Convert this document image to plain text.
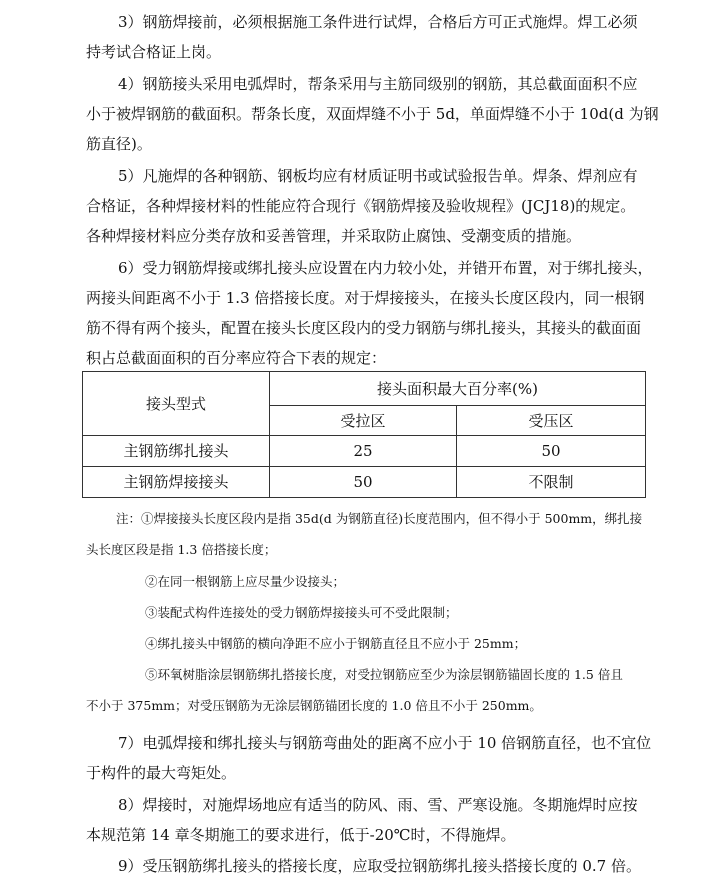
3）钢筋焊接前，必须根据施工条件进行试焊，合格后方可正式施焊。焊工必须
持考试合格证上岗。
4）钢筋接头采用电弧焊时，帮条采用与主筋同级别的钢筋，其总截面面积不应
小于被焊钢筋的截面积。帮条长度，双面焊缝不小于 5d，单面焊缝不小于 10d(d 为钢
筋直径)。
5）凡施焊的各种钢筋、钢板均应有材质证明书或试验报告单。焊条、焊剂应有
合格证，各种焊接材料的性能应符合现行《钢筋焊接及验收规程》(JCJ18)的规定。
各种焊接材料应分类存放和妥善管理，并采取防止腐蚀、受潮变质的措施。
6）受力钢筋焊接或绑扎接头应设置在内力较小处，并错开布置，对于绑扎接头，
两接头间距离不小于 1.3 倍搭接长度。对于焊接接头，在接头长度区段内，同一根钢
筋不得有两个接头，配置在接头长度区段内的受力钢筋与绑扎接头，其接头的截面面
积占总截面面积的百分率应符合下表的规定：
接头型式	接头面积最大百分率(%)	
	受拉区	受压区
主钢筋绑扎接头	25	50
主钢筋焊接接头	50	不限制
注：①焊接接头长度区段内是指 35d(d 为钢筋直径)长度范围内，但不得小于 500mm，绑扎接
头长度区段是指 1.3 倍搭接长度；
②在同一根钢筋上应尽量少设接头；
③装配式构件连接处的受力钢筋焊接接头可不受此限制；
④绑扎接头中钢筋的横向净距不应小于钢筋直径且不应小于 25mm；
⑤环氧树脂涂层钢筋绑扎搭接长度，对受拉钢筋应至少为涂层钢筋锚固长度的 1.5 倍且
不小于 375mm；对受压钢筋为无涂层钢筋锚团长度的 1.0 倍且不小于 250mm。
7）电弧焊接和绑扎接头与钢筋弯曲处的距离不应小于 10 倍钢筋直径，也不宜位
于构件的最大弯矩处。
8）焊接时，对施焊场地应有适当的防风、雨、雪、严寒设施。冬期施焊时应按
本规范第 14 章冬期施工的要求进行，低于-20℃时，不得施焊。
9）受压钢筋绑扎接头的搭接长度，应取受拉钢筋绑扎接头搭接长度的 0.7 倍。
